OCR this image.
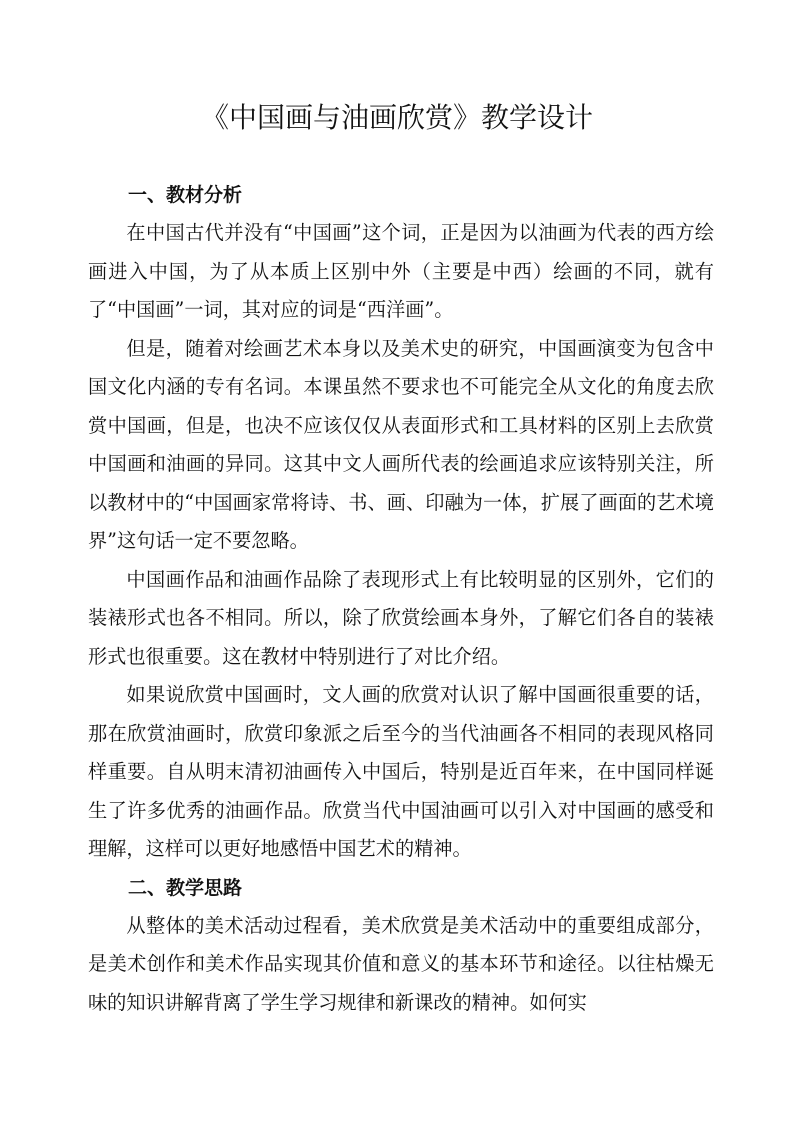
《中国画与油画欣赏》教学设计
一、教材分析

在中国古代并没有“中国画”这个词，正是因为以油画为代表的西方绘画进入中国，为了从本质上区别中外（主要是中西）绘画的不同，就有了“中国画”一词，其对应的词是“西洋画”。

但是，随着对绘画艺术本身以及美术史的研究，中国画演变为包含中国文化内涵的专有名词。本课虽然不要求也不可能完全从文化的角度去欣赏中国画，但是，也决不应该仅仅从表面形式和工具材料的区别上去欣赏中国画和油画的异同。这其中文人画所代表的绘画追求应该特别关注，所以教材中的“中国画家常将诗、书、画、印融为一体，扩展了画面的艺术境界”这句话一定不要忽略。

中国画作品和油画作品除了表现形式上有比较明显的区别外，它们的装裱形式也各不相同。所以，除了欣赏绘画本身外，了解它们各自的装裱形式也很重要。这在教材中特别进行了对比介绍。

如果说欣赏中国画时，文人画的欣赏对认识了解中国画很重要的话，那在欣赏油画时，欣赏印象派之后至今的当代油画各不相同的表现风格同样重要。自从明末清初油画传入中国后，特别是近百年来，在中国同样诞生了许多优秀的油画作品。欣赏当代中国油画可以引入对中国画的感受和理解，这样可以更好地感悟中国艺术的精神。

二、教学思路

从整体的美术活动过程看，美术欣赏是美术活动中的重要组成部分，是美术创作和美术作品实现其价值和意义的基本环节和途径。以往枯燥无味的知识讲解背离了学生学习规律和新课改的精神。如何实
